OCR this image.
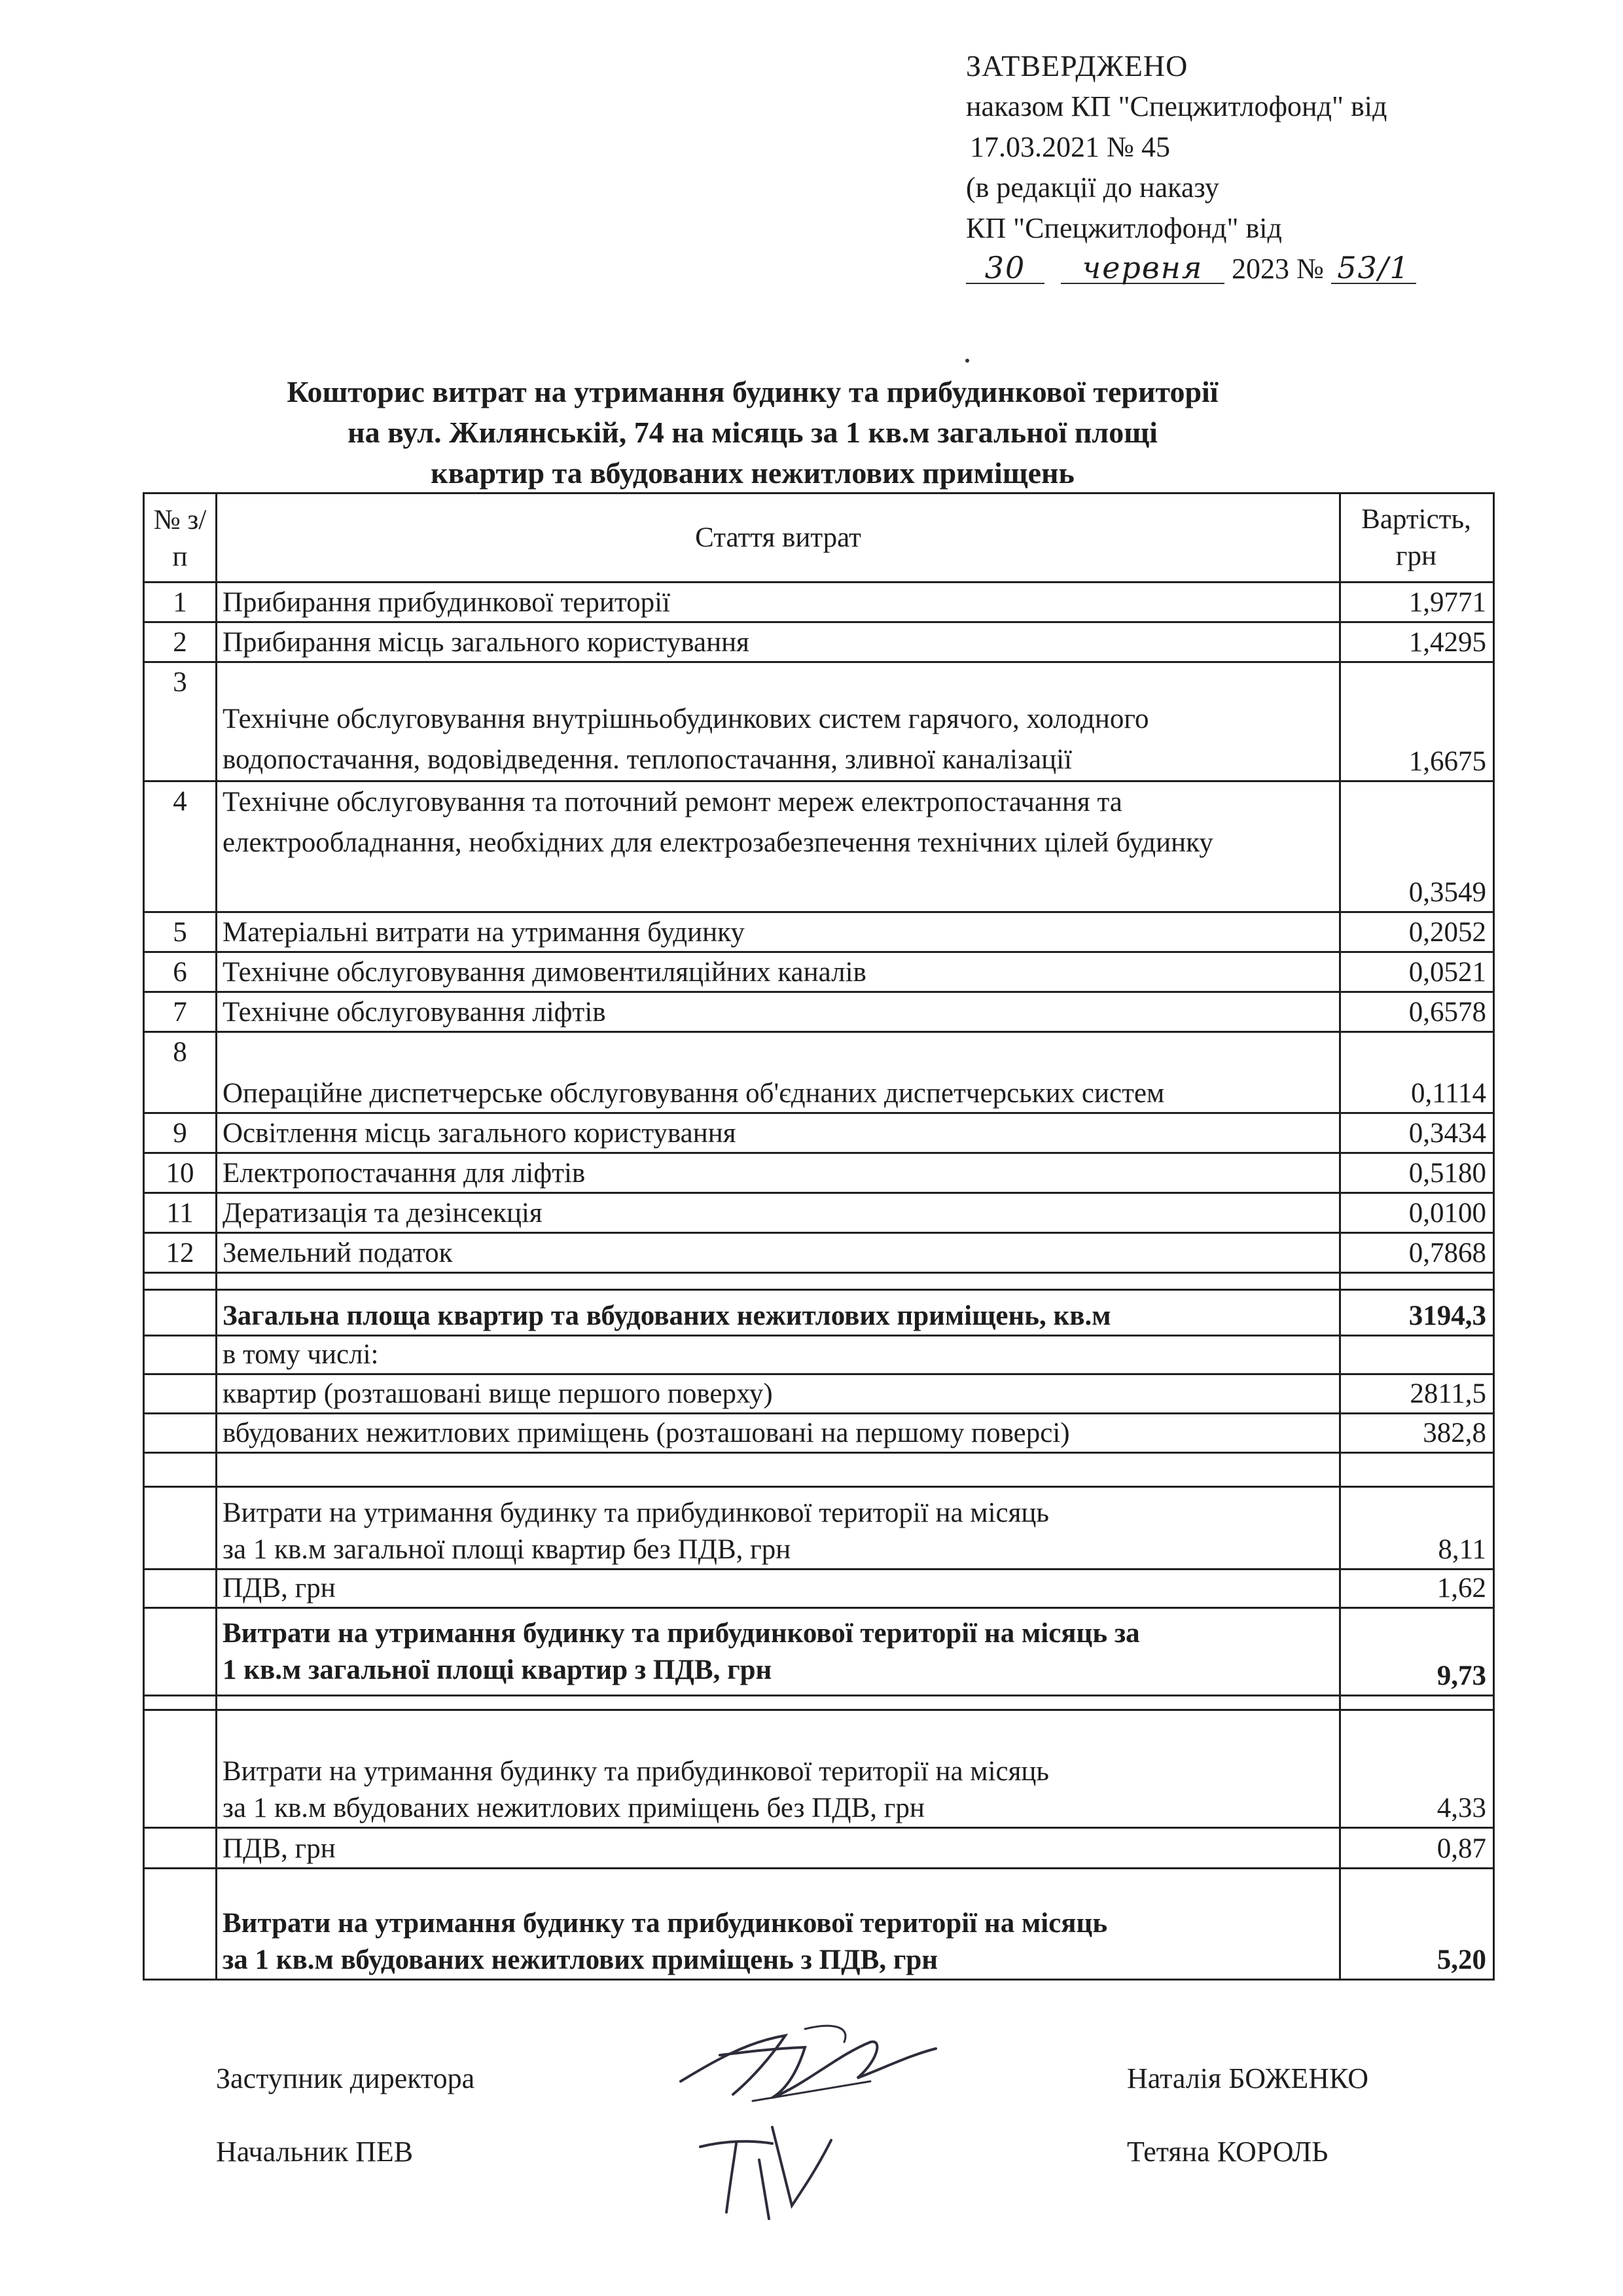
ЗАТВЕРДЖЕНО
наказом КП "Спецжитлофонд" від
17.03.2021 № 45
(в редакції до наказу
КП "Спецжитлофонд" від
30 червня 2023 № 53/1
Кошторис витрат на утримання будинку та прибудинкової території
на вул. Жилянській, 74 на місяць за 1 кв.м загальної площі
квартир та вбудованих нежитлових приміщень
№ з/п	Стаття витрат	Вартість, грн
1	Прибирання прибудинкової території	1,9771
2	Прибирання місць загального користування	1,4295
3	Технічне обслуговування внутрішньобудинкових систем гарячого, холодного водопостачання, водовідведення. теплопостачання, зливної каналізації	1,6675
4	Технічне обслуговування та поточний ремонт мереж електропостачання та електрообладнання, необхідних для електрозабезпечення технічних цілей будинку	0,3549
5	Матеріальні витрати на утримання будинку	0,2052
6	Технічне обслуговування димовентиляційних каналів	0,0521
7	Технічне обслуговування ліфтів	0,6578
8	Операційне диспетчерське обслуговування об'єднаних диспетчерських систем	0,1114
9	Освітлення місць загального користування	0,3434
10	Електропостачання для ліфтів	0,5180
11	Дератизація та дезінсекція	0,0100
12	Земельний податок	0,7868

	Загальна площа квартир та вбудованих нежитлових приміщень, кв.м	3194,3
	в тому числі:	
	квартир (розташовані вище першого поверху)	2811,5
	вбудованих нежитлових приміщень (розташовані на першому поверсі)	382,8

	Витрати на утримання будинку та прибудинкової території на місяць
за 1 кв.м загальної площі квартир без ПДВ, грн	8,11
	ПДВ, грн	1,62

	Витрати на утримання будинку та прибудинкової території на місяць за
1 кв.м загальної площі квартир з ПДВ, грн	9,73

	Витрати на утримання будинку та прибудинкової території на місяць
за 1 кв.м вбудованих нежитлових приміщень без ПДВ, грн	4,33
	ПДВ, грн	0,87

	Витрати на утримання будинку та прибудинкової території на місяць
за 1 кв.м вбудованих нежитлових приміщень з ПДВ, грн	5,20
Заступник директора	Наталія БОЖЕНКО
Начальник ПЕВ	Тетяна КОРОЛЬ
